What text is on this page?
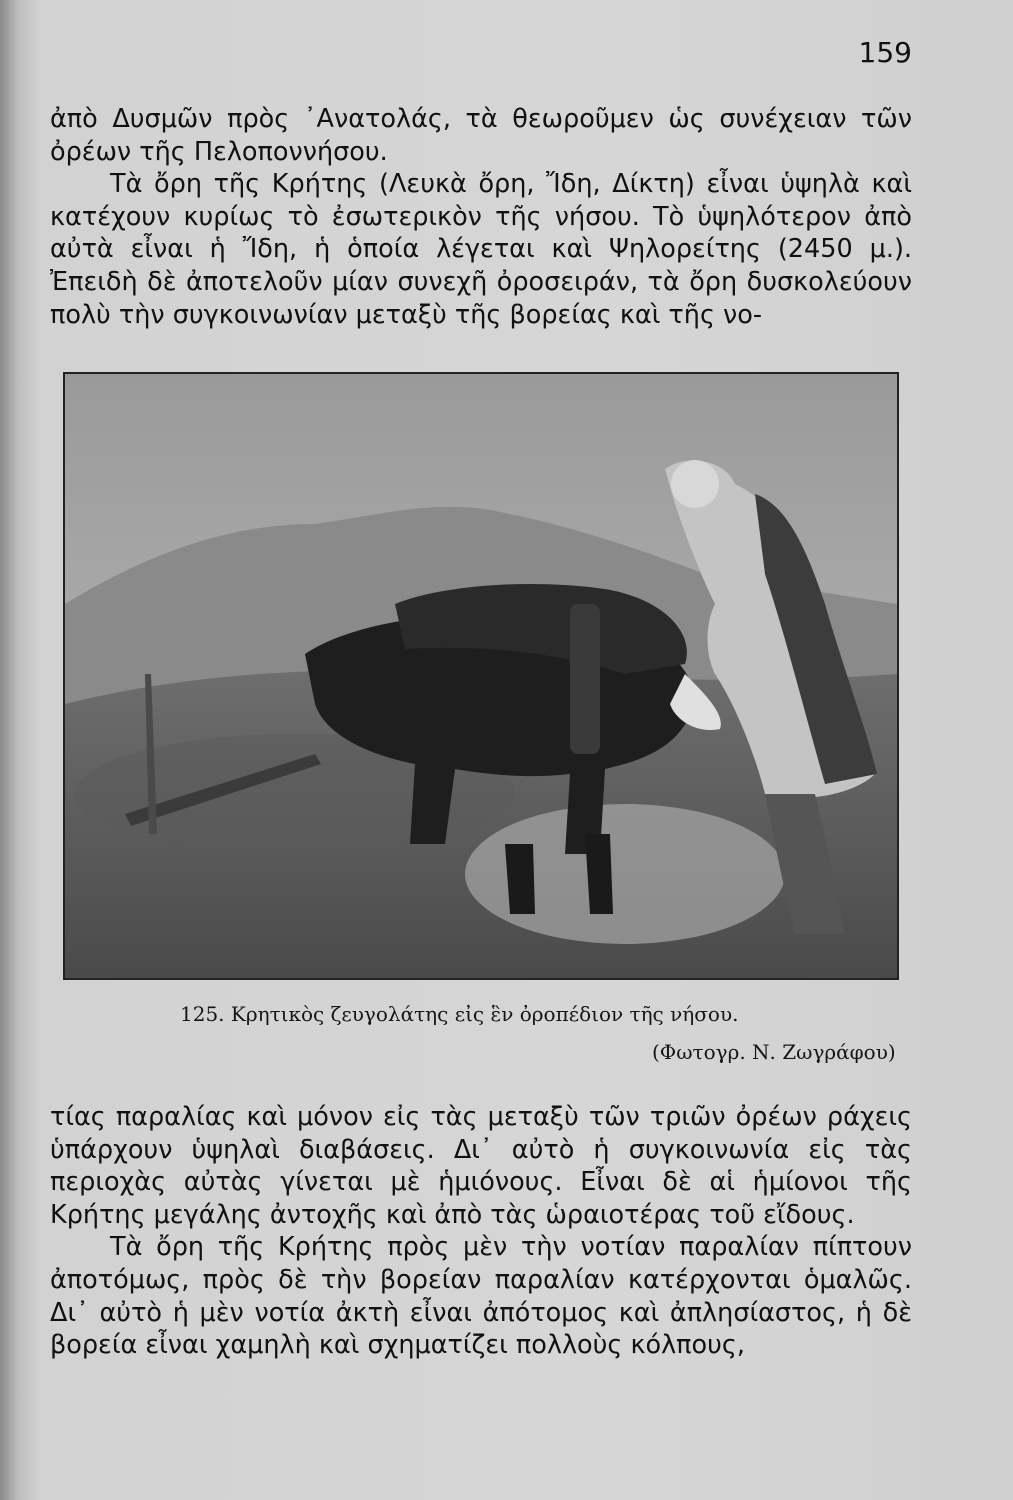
159

ἀπὸ Δυσμῶν πρὸς ᾿Ανατολάς, τὰ θεωροῦμεν ὡς συνέχειαν τῶν ὀρέων τῆς Πελοποννήσου.

Τὰ ὄρη τῆς Κρήτης (Λευκὰ ὄρη, Ἴδη, Δίκτη) εἶναι ὑψηλὰ καὶ κατέχουν κυρίως τὸ ἐσωτερικὸν τῆς νήσου. Τὸ ὑψηλότερον ἀπὸ αὐτὰ εἶναι ἡ Ἴδη, ἡ ὁποία λέγεται καὶ Ψηλορείτης (2450 μ.). Ἐπειδὴ δὲ ἀποτελοῦν μίαν συνεχῆ ὀροσειράν, τὰ ὄρη δυσκολεύουν πολὺ τὴν συγκοινωνίαν μεταξὺ τῆς βορείας καὶ τῆς νο-

125. Κρητικὸς ζευγολάτης εἰς ἓν ὀροπέδιον τῆς νήσου.
(Φωτογρ. Ν. Ζωγράφου)

τίας παραλίας καὶ μόνον εἰς τὰς μεταξὺ τῶν τριῶν ὀρέων ράχεις ὑπάρχουν ὑψηλαὶ διαβάσεις. Δι᾿ αὐτὸ ἡ συγκοινωνία εἰς τὰς περιοχὰς αὐτὰς γίνεται μὲ ἡμιόνους. Εἶναι δὲ αἱ ἡμίονοι τῆς Κρήτης μεγάλης ἀντοχῆς καὶ ἀπὸ τὰς ὡραιοτέρας τοῦ εἴδους.

Τὰ ὄρη τῆς Κρήτης πρὸς μὲν τὴν νοτίαν παραλίαν πίπτουν ἀποτόμως, πρὸς δὲ τὴν βορείαν παραλίαν κατέρχονται ὁμαλῶς. Δι᾿ αὐτὸ ἡ μὲν νοτία ἀκτὴ εἶναι ἀπότομος καὶ ἀπλησίαστος, ἡ δὲ βορεία εἶναι χαμηλὴ καὶ σχηματίζει πολλοὺς κόλπους,
